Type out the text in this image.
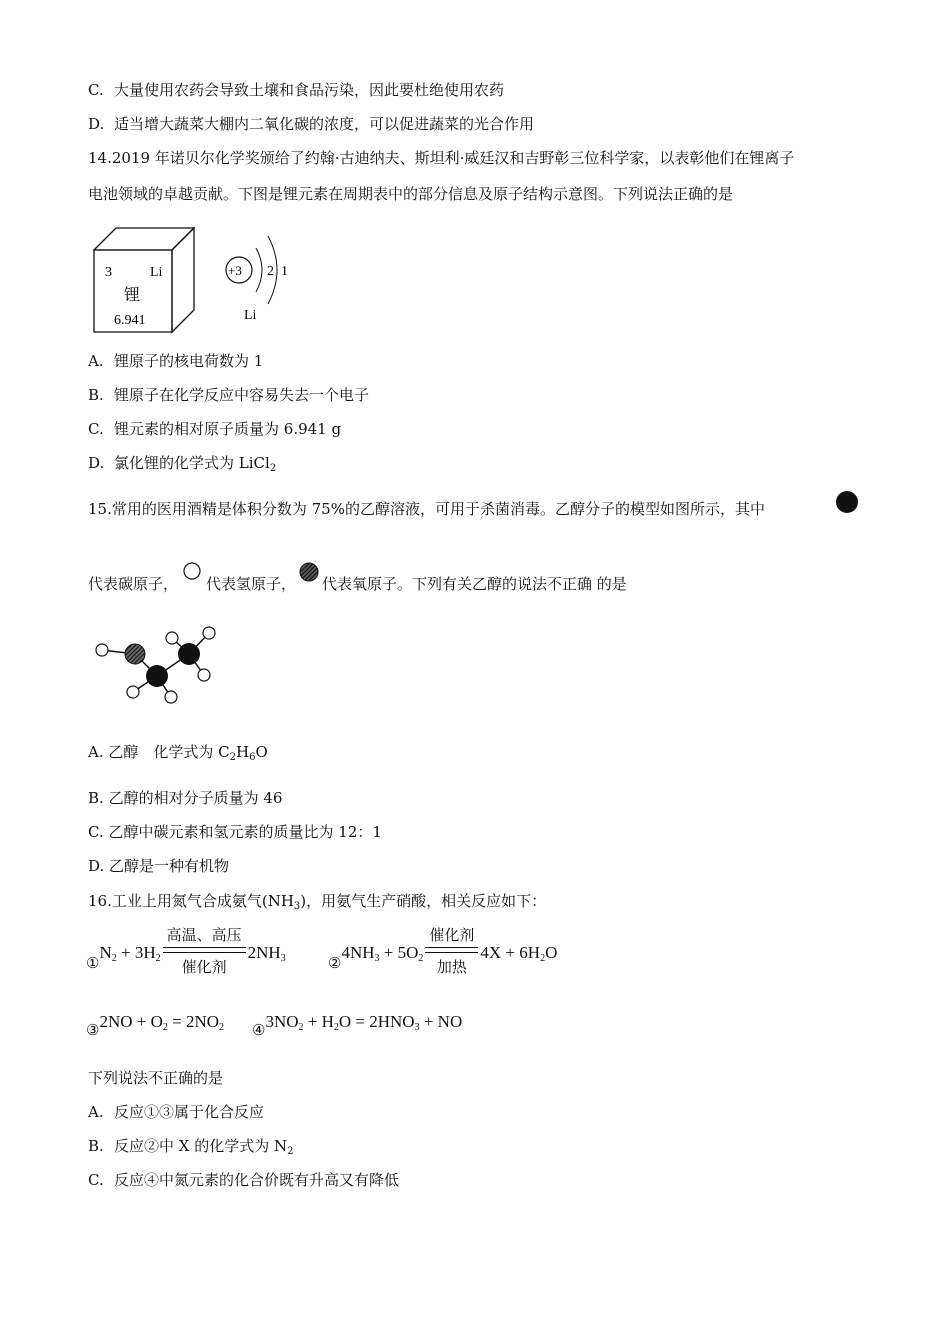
C. 大量使用农药会导致土壤和食品污染，因此要杜绝使用农药
D. 适当增大蔬菜大棚内二氧化碳的浓度，可以促进蔬菜的光合作用
14.2019 年诺贝尔化学奖颁给了约翰·古迪纳夫、斯坦利·威廷汉和吉野彰三位科学家，以表彰他们在锂离子
电池领域的卓越贡献。下图是锂元素在周期表中的部分信息及原子结构示意图。下列说法正确的是
3	Li
锂
6.941
+3 2 1
Li
A. 锂原子的核电荷数为 1
B. 锂原子在化学反应中容易失去一个电子
C. 锂元素的相对原子质量为 6.941 g
D. 氯化锂的化学式为 LiCl$_2$
15.常用的医用酒精是体积分数为 75%的乙醇溶液，可用于杀菌消毒。乙醇分子的模型如图所示，其中
代表碳原子， 代表氢原子， 代表氧原子。下列有关乙醇的说法不正确 的是
A. 乙醇　化学式为 $C_2H_6O$
B. 乙醇的相对分子质量为 46
C. 乙醇中碳元素和氢元素的质量比为 12：1
D. 乙醇是一种有机物
16.工业上用氮气合成氨气$(NH_3)$，用氨气生产硝酸，相关反应如下：
$①N_2 + 3H_2 \frac{\text{高温、高压}}{\text{催化剂}} 2NH_3$	$②4NH_3 + 5O_2 \frac{\text{催化剂}}{\text{加热}} 4X + 6H_2O$
③2NO + $O_2 = 2NO_2$ $④3NO_2 + H_2O = 2HNO_3$ + NO
下列说法不正确的是
A. 反应①③属于化合反应
B. 反应②中 X 的化学式为 $N_2$
C. 反应④中氮元素的化合价既有升高又有降低
